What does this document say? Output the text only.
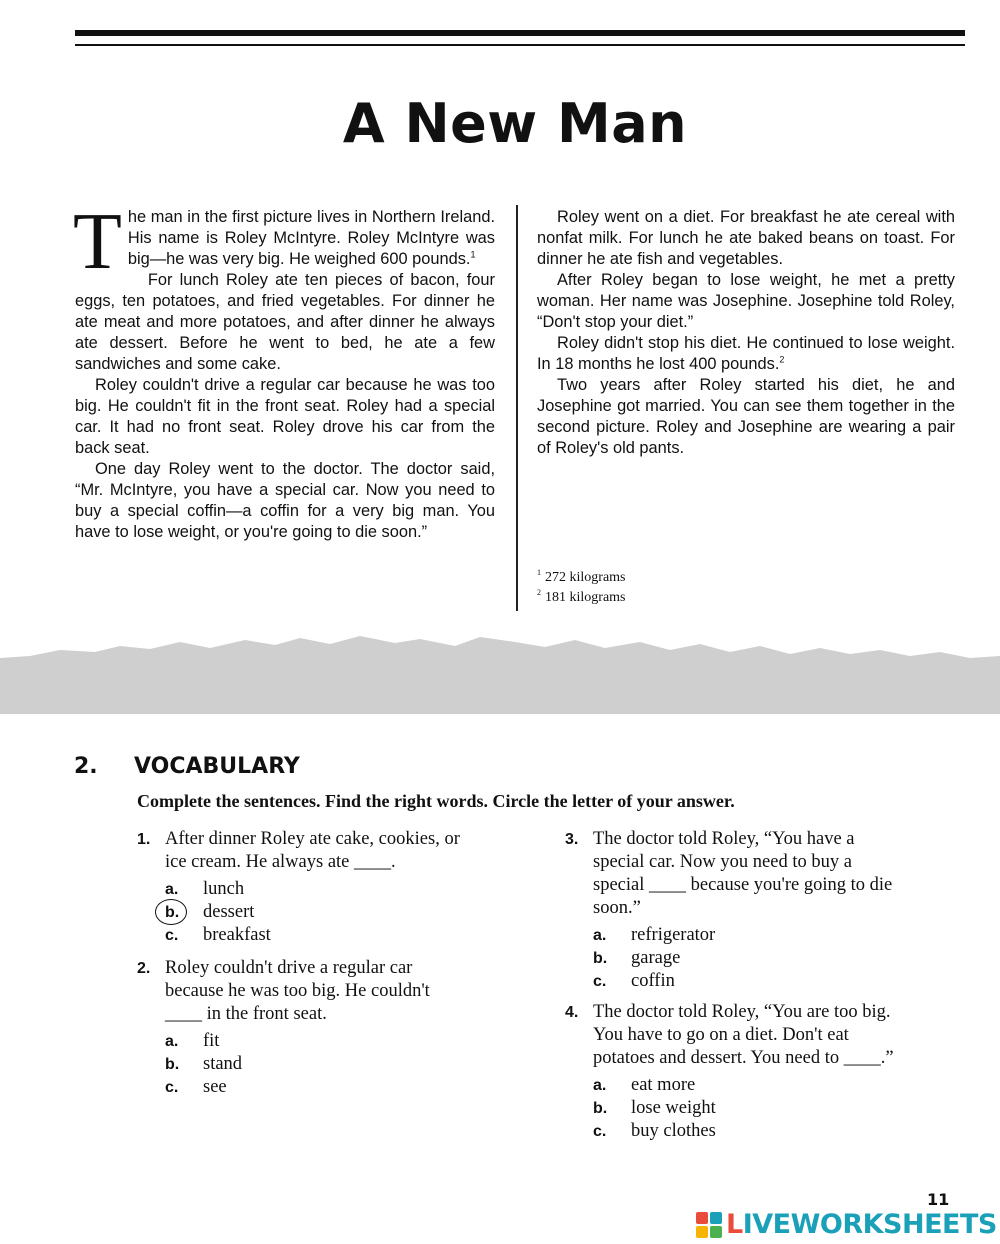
A New Man

The man in the first picture lives in Northern Ireland. His name is Roley McIntyre. Roley McIntyre was big—he was very big. He weighed 600 pounds.$^1$

For lunch Roley ate ten pieces of bacon, four eggs, ten potatoes, and fried vegetables. For dinner he ate meat and more potatoes, and after dinner he always ate dessert. Before he went to bed, he ate a few sandwiches and some cake.

Roley couldn't drive a regular car because he was too big. He couldn't fit in the front seat. Roley had a special car. It had no front seat. Roley drove his car from the back seat.

One day Roley went to the doctor. The doctor said, “Mr. McIntyre, you have a special car. Now you need to buy a special coffin—a coffin for a very big man. You have to lose weight, or you're going to die soon.”

Roley went on a diet. For breakfast he ate cereal with nonfat milk. For lunch he ate baked beans on toast. For dinner he ate fish and vegetables.

After Roley began to lose weight, he met a pretty woman. Her name was Josephine. Josephine told Roley, “Don't stop your diet.”

Roley didn't stop his diet. He continued to lose weight. In 18 months he lost 400 pounds.$^2$

Two years after Roley started his diet, he and Josephine got married. You can see them together in the second picture. Roley and Josephine are wearing a pair of Roley's old pants.

$^1$ 272 kilograms
$^2$ 181 kilograms
2. VOCABULARY
Complete the sentences. Find the right words. Circle the letter of your answer.
1. After dinner Roley ate cake, cookies, or
ice cream. He always ate ____.
a. lunch
b. dessert
c. breakfast
2. Roley couldn't drive a regular car
because he was too big. He couldn't
____ in the front seat.
a. fit
b. stand
c. see
3. The doctor told Roley, “You have a
special car. Now you need to buy a
special ____ because you're going to die
soon.”
a. refrigerator
b. garage
c. coffin
4. The doctor told Roley, “You are too big.
You have to go on a diet. Don't eat
potatoes and dessert. You need to ____.”
a. eat more
b. lose weight
c. buy clothes
11
LIVEWORKSHEETS
